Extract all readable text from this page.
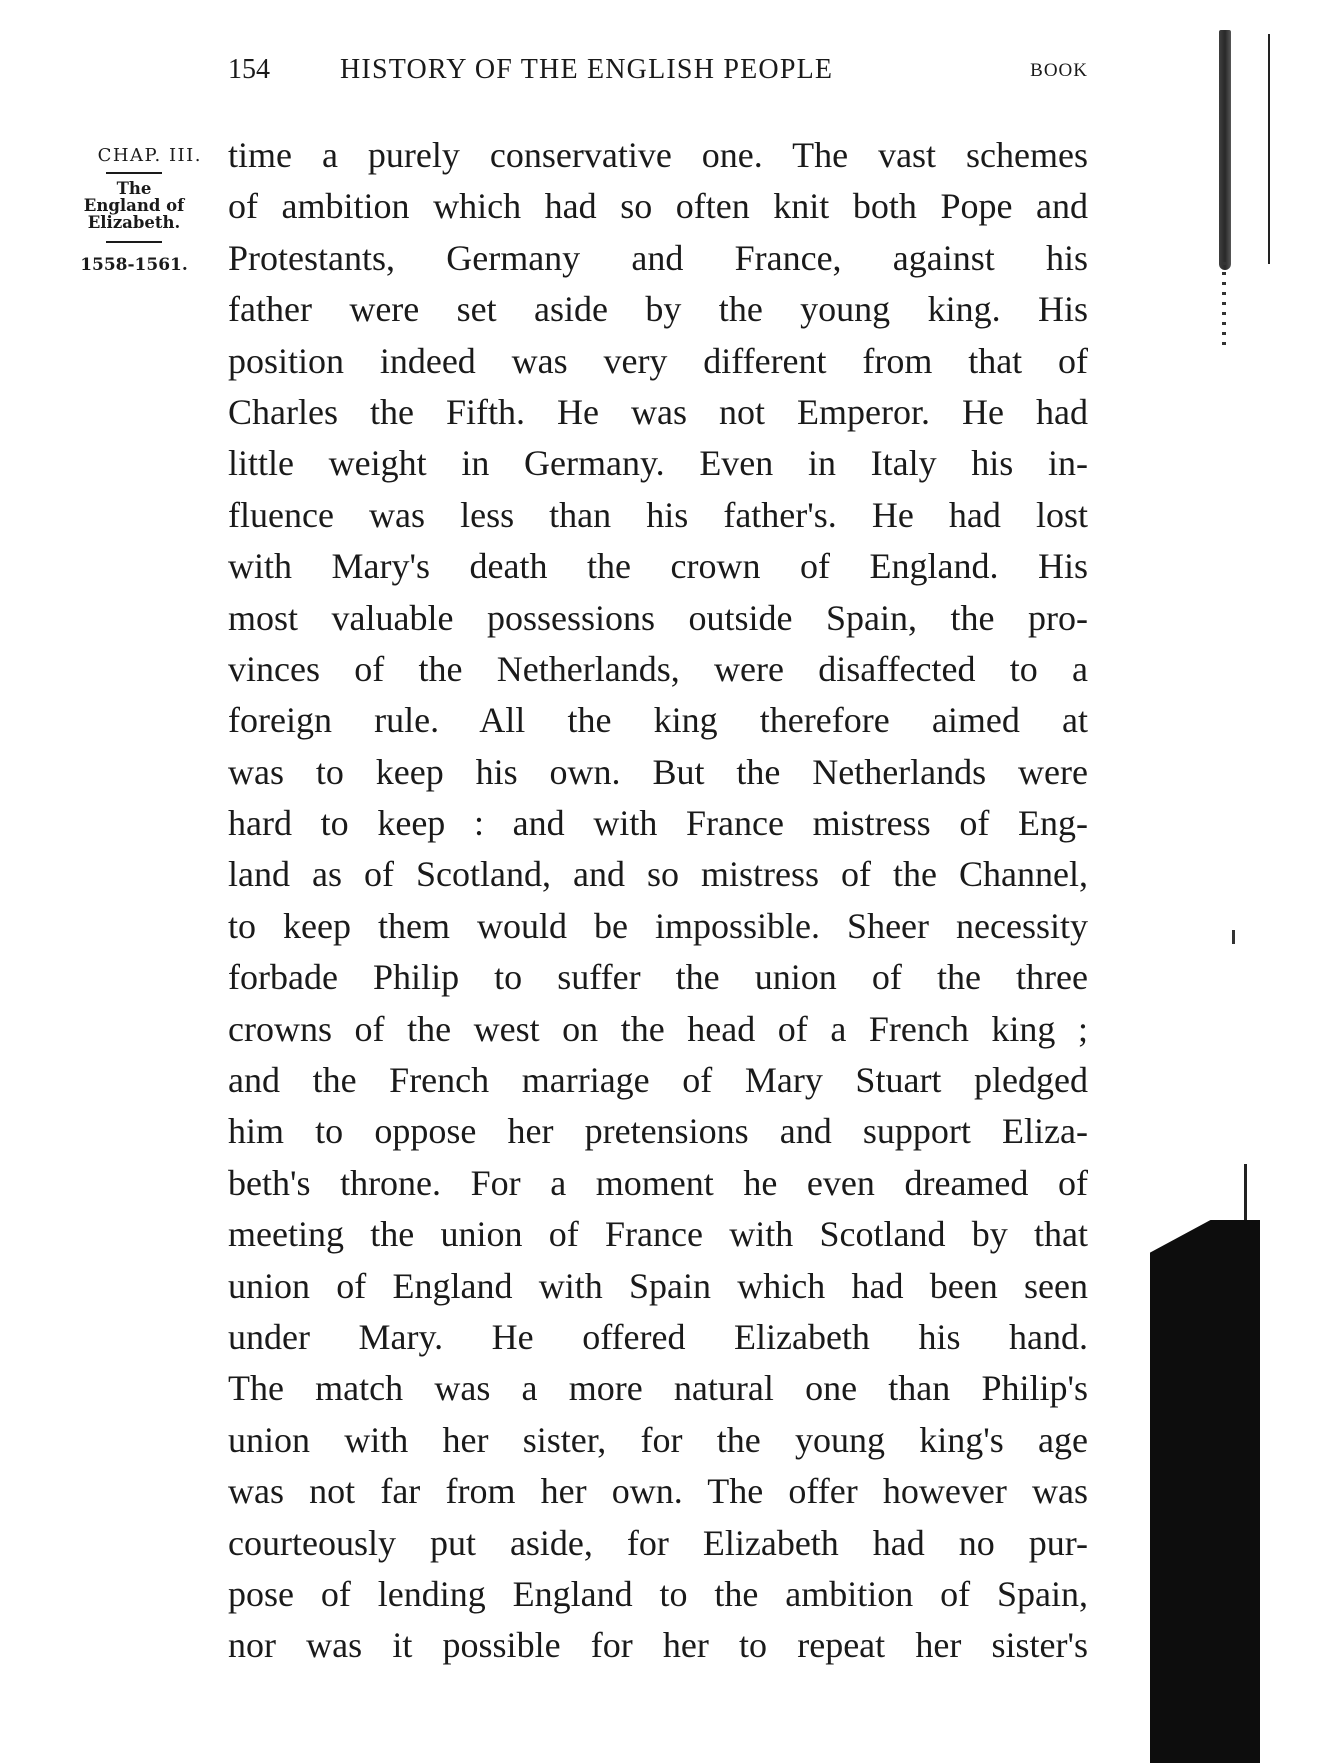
154	HISTORY OF THE ENGLISH PEOPLE	BOOK
CHAP. III.
The
England of
Elizabeth.
1558-1561.
time a purely conservative one. The vast schemes
of ambition which had so often knit both Pope and
Protestants, Germany and France, against his
father were set aside by the young king. His
position indeed was very different from that of
Charles the Fifth. He was not Emperor. He had
little weight in Germany. Even in Italy his in-
fluence was less than his father's. He had lost
with Mary's death the crown of England. His
most valuable possessions outside Spain, the pro-
vinces of the Netherlands, were disaffected to a
foreign rule. All the king therefore aimed at
was to keep his own. But the Netherlands were
hard to keep : and with France mistress of Eng-
land as of Scotland, and so mistress of the Channel,
to keep them would be impossible. Sheer necessity
forbade Philip to suffer the union of the three
crowns of the west on the head of a French king ;
and the French marriage of Mary Stuart pledged
him to oppose her pretensions and support Eliza-
beth's throne. For a moment he even dreamed of
meeting the union of France with Scotland by that
union of England with Spain which had been seen
under Mary. He offered Elizabeth his hand.
The match was a more natural one than Philip's
union with her sister, for the young king's age
was not far from her own. The offer however was
courteously put aside, for Elizabeth had no pur-
pose of lending England to the ambition of Spain,
nor was it possible for her to repeat her sister's
